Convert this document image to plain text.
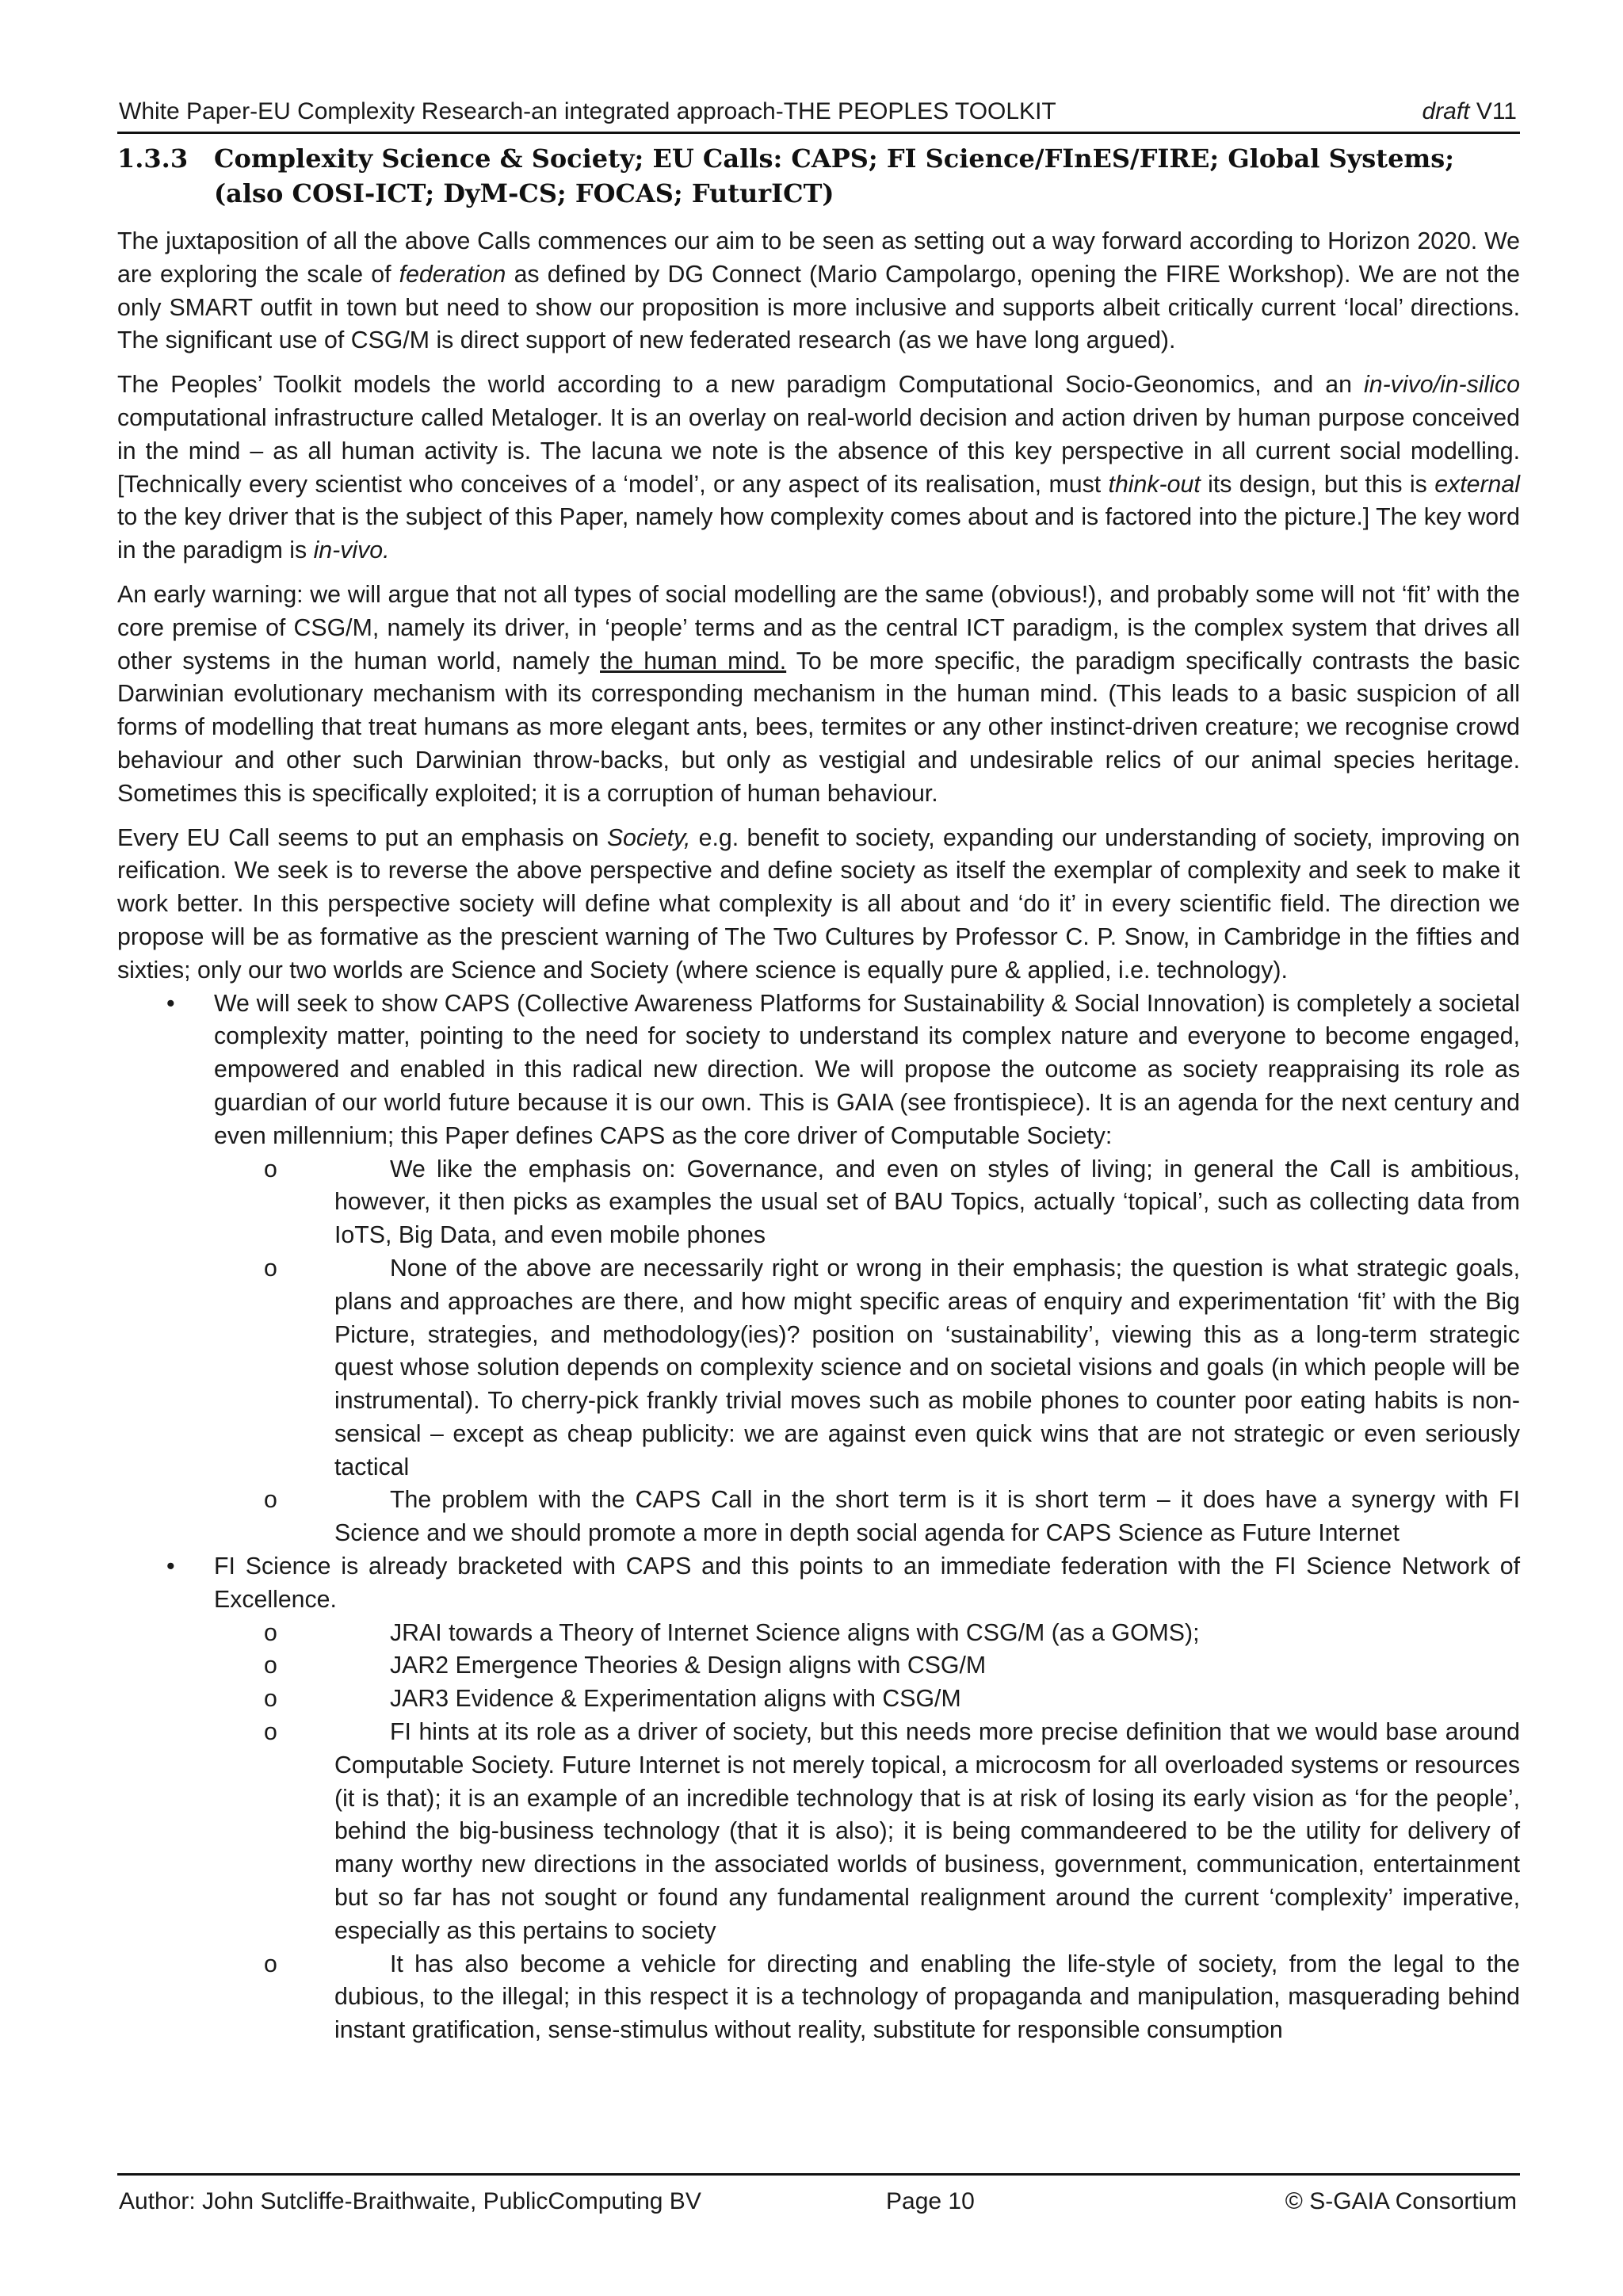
White Paper-EU Complexity Research-an integrated approach-THE PEOPLES TOOLKIT	draft V11
1.3.3 Complexity Science & Society; EU Calls: CAPS; FI Science/FInES/FIRE; Global Systems;
(also COSI-ICT; DyM-CS; FOCAS; FuturICT)

The juxtaposition of all the above Calls commences our aim to be seen as setting out a way forward according to Horizon 2020. We are exploring the scale of federation as defined by DG Connect (Mario Campolargo, opening the FIRE Workshop). We are not the only SMART outfit in town but need to show our proposition is more inclusive and supports albeit critically current ‘local’ directions. The significant use of CSG/M is direct support of new federated research (as we have long argued).

The Peoples’ Toolkit models the world according to a new paradigm Computational Socio-Geonomics, and an in-vivo/in-silico computational infrastructure called Metaloger. It is an overlay on real-world decision and action driven by human purpose conceived in the mind – as all human activity is. The lacuna we note is the absence of this key perspective in all current social modelling. [Technically every scientist who conceives of a ‘model’, or any aspect of its realisation, must think-out its design, but this is external to the key driver that is the subject of this Paper, namely how complexity comes about and is factored into the picture.] The key word in the paradigm is in-vivo.

An early warning: we will argue that not all types of social modelling are the same (obvious!), and probably some will not ‘fit’ with the core premise of CSG/M, namely its driver, in ‘people’ terms and as the central ICT paradigm, is the complex system that drives all other systems in the human world, namely the human mind. To be more specific, the paradigm specifically contrasts the basic Darwinian evolutionary mechanism with its corresponding mechanism in the human mind. (This leads to a basic suspicion of all forms of modelling that treat humans as more elegant ants, bees, termites or any other instinct-driven creature; we recognise crowd behaviour and other such Darwinian throw-backs, but only as vestigial and undesirable relics of our animal species heritage. Sometimes this is specifically exploited; it is a corruption of human behaviour.

Every EU Call seems to put an emphasis on Society, e.g. benefit to society, expanding our understanding of society, improving on reification. We seek is to reverse the above perspective and define society as itself the exemplar of complexity and seek to make it work better. In this perspective society will define what complexity is all about and ‘do it’ in every scientific field. The direction we propose will be as formative as the prescient warning of The Two Cultures by Professor C. P. Snow, in Cambridge in the fifties and sixties; only our two worlds are Science and Society (where science is equally pure & applied, i.e. technology).

• We will seek to show CAPS (Collective Awareness Platforms for Sustainability & Social Innovation) is completely a societal complexity matter, pointing to the need for society to understand its complex nature and everyone to become engaged, empowered and enabled in this radical new direction. We will propose the outcome as society reappraising its role as guardian of our world future because it is our own. This is GAIA (see frontispiece). It is an agenda for the next century and even millennium; this Paper defines CAPS as the core driver of Computable Society:
o	We like the emphasis on: Governance, and even on styles of living; in general the Call is ambitious, however, it then picks as examples the usual set of BAU Topics, actually ‘topical’, such as collecting data from IoTS, Big Data, and even mobile phones
o	None of the above are necessarily right or wrong in their emphasis; the question is what strategic goals, plans and approaches are there, and how might specific areas of enquiry and experimentation ‘fit’ with the Big Picture, strategies, and methodology(ies)? position on ‘sustainability’, viewing this as a long-term strategic quest whose solution depends on complexity science and on societal visions and goals (in which people will be instrumental). To cherry-pick frankly trivial moves such as mobile phones to counter poor eating habits is non-sensical – except as cheap publicity: we are against even quick wins that are not strategic or even seriously tactical
o	The problem with the CAPS Call in the short term is it is short term – it does have a synergy with FI Science and we should promote a more in depth social agenda for CAPS Science as Future Internet
• FI Science is already bracketed with CAPS and this points to an immediate federation with the FI Science Network of Excellence.
o	JRAI towards a Theory of Internet Science aligns with CSG/M (as a GOMS);
o	JAR2 Emergence Theories & Design aligns with CSG/M
o	JAR3 Evidence & Experimentation aligns with CSG/M
o	FI hints at its role as a driver of society, but this needs more precise definition that we would base around Computable Society. Future Internet is not merely topical, a microcosm for all overloaded systems or resources (it is that); it is an example of an incredible technology that is at risk of losing its early vision as ‘for the people’, behind the big-business technology (that it is also); it is being commandeered to be the utility for delivery of many worthy new directions in the associated worlds of business, government, communication, entertainment but so far has not sought or found any fundamental realignment around the current ‘complexity’ imperative, especially as this pertains to society
o	It has also become a vehicle for directing and enabling the life-style of society, from the legal to the dubious, to the illegal; in this respect it is a technology of propaganda and manipulation, masquerading behind instant gratification, sense-stimulus without reality, substitute for responsible consumption
Author: John Sutcliffe-Braithwaite, PublicComputing BV	Page 10	© S-GAIA Consortium
